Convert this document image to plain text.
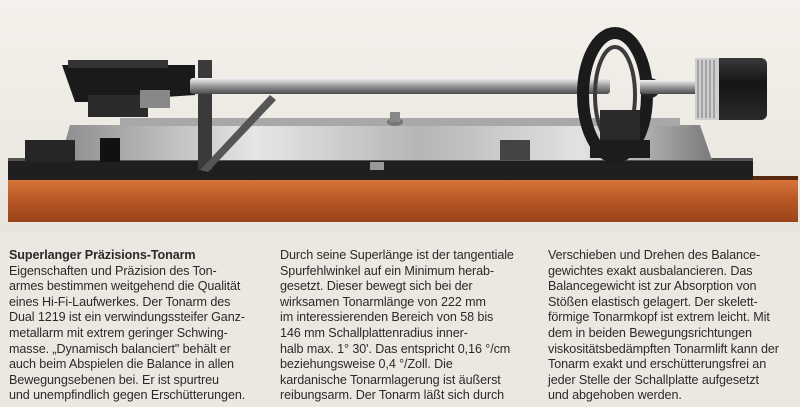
Superlanger Präzisions-Tonarm
Eigenschaften und Präzision des Ton-
armes bestimmen weitgehend die Qualität
eines Hi-Fi-Laufwerkes. Der Tonarm des
Dual 1219 ist ein verwindungssteifer Ganz-
metallarm mit extrem geringer Schwing-
masse. „Dynamisch balanciert" behält er
auch beim Abspielen die Balance in allen
Bewegungsebenen bei. Er ist spurtreu
und unempfindlich gegen Erschütterungen.
Durch seine Superlänge ist der tangentiale
Spurfehlwinkel auf ein Minimum herab-
gesetzt. Dieser bewegt sich bei der
wirksamen Tonarmlänge von 222 mm
im interessierenden Bereich von 58 bis
146 mm Schallplattenradius inner-
halb max. 1° 30'. Das entspricht 0,16 °/cm
beziehungsweise 0,4 °/Zoll. Die
kardanische Tonarmlagerung ist äußerst
reibungsarm. Der Tonarm läßt sich durch
Verschieben und Drehen des Balance-
gewichtes exakt ausbalancieren. Das
Balancegewicht ist zur Absorption von
Stößen elastisch gelagert. Der skelett-
förmige Tonarmkopf ist extrem leicht. Mit
dem in beiden Bewegungsrichtungen
viskositätsbedämpften Tonarmlift kann der
Tonarm exakt und erschütterungsfrei an
jeder Stelle der Schallplatte aufgesetzt
und abgehoben werden.
